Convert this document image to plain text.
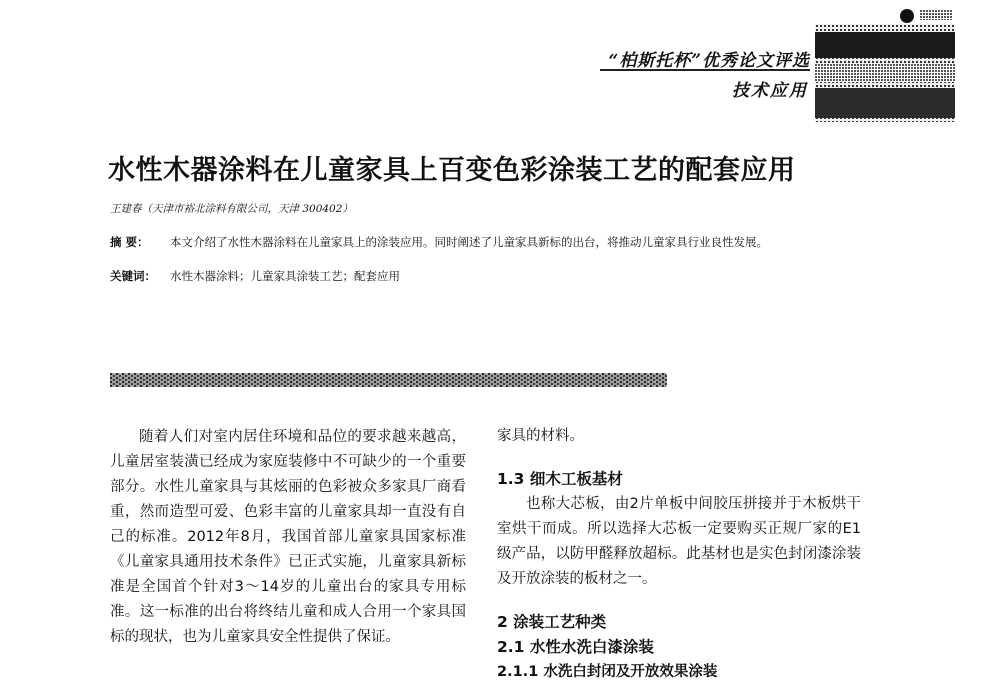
“柏斯托杯”优秀论文评选
技术应用
水性木器涂料在儿童家具上百变色彩涂装工艺的配套应用
王建春（天津市裕北涂料有限公司，天津 300402）
摘 要： 本文介绍了水性木器涂料在儿童家具上的涂装应用。同时阐述了儿童家具新标的出台，将推动儿童家具行业良性发展。
关键词： 水性木器涂料；儿童家具涂装工艺；配套应用

随着人们对室内居住环境和品位的要求越来越高，儿童居室装潢已经成为家庭装修中不可缺少的一个重要部分。水性儿童家具与其炫丽的色彩被众多家具厂商看重，然而造型可爱、色彩丰富的儿童家具却一直没有自己的标准。2012年8月，我国首部儿童家具国家标准《儿童家具通用技术条件》已正式实施，儿童家具新标准是全国首个针对3～14岁的儿童出台的家具专用标准。这一标准的出台将终结儿童和成人合用一个家具国标的现状，也为儿童家具安全性提供了保证。

家具的材料。

1.3 细木工板基材

也称大芯板，由2片单板中间胶压拼接并于木板烘干室烘干而成。所以选择大芯板一定要购买正规厂家的E1级产品，以防甲醛释放超标。此基材也是实色封闭漆涂装及开放涂装的板材之一。

2 涂装工艺种类

2.1 水性水洗白漆涂装

2.1.1 水洗白封闭及开放效果涂装
